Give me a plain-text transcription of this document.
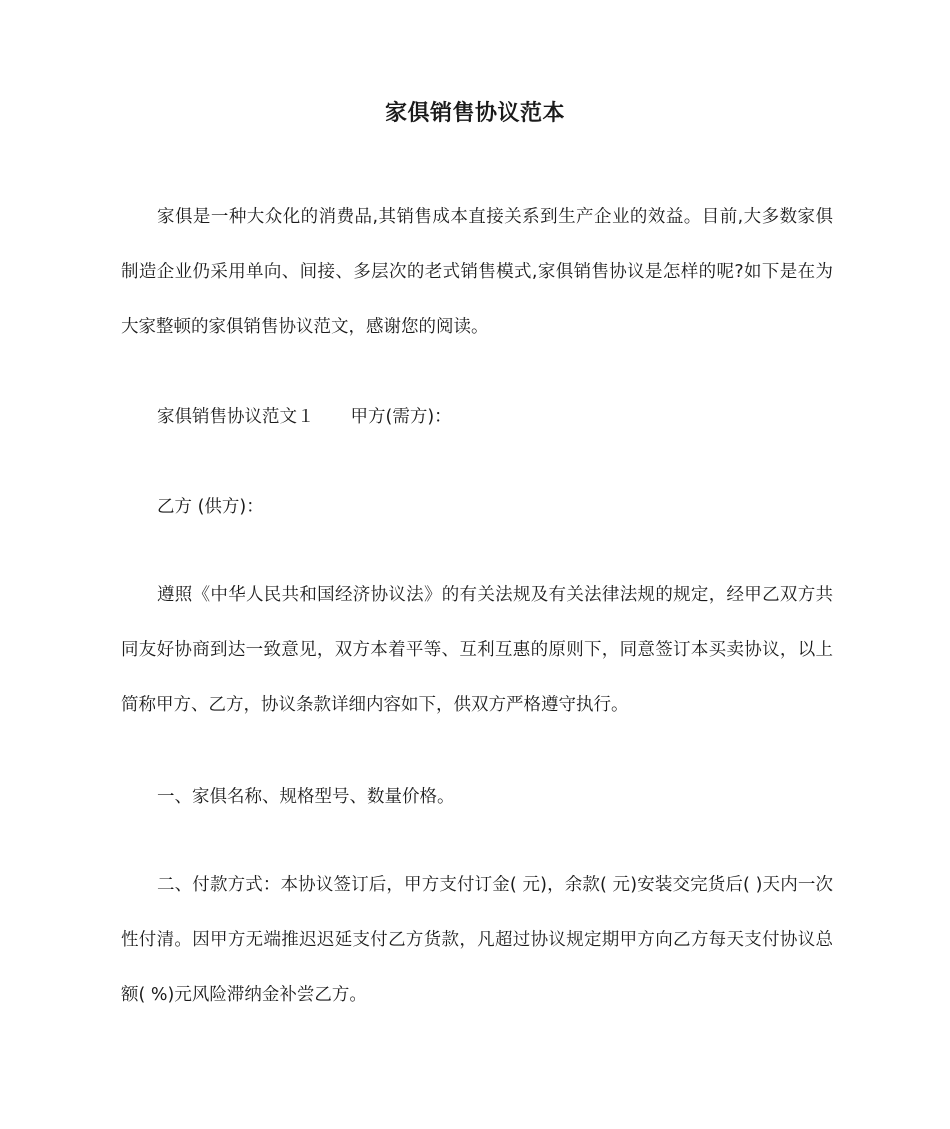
家俱销售协议范本

家俱是一种大众化的消费品,其销售成本直接关系到生产企业的效益。目前,大多数家俱制造企业仍采用单向、间接、多层次的老式销售模式,家俱销售协议是怎样的呢?如下是在为大家整顿的家俱销售协议范文，感谢您的阅读。

家俱销售协议范文１ 甲方(需方)：

乙方 (供方)：

遵照《中华人民共和国经济协议法》的有关法规及有关法律法规的规定，经甲乙双方共同友好协商到达一致意见，双方本着平等、互利互惠的原则下，同意签订本买卖协议，以上简称甲方、乙方，协议条款详细内容如下，供双方严格遵守执行。

一、家俱名称、规格型号、数量价格。

二、付款方式：本协议签订后，甲方支付订金( 元)，余款( 元)安装交完货后( )天内一次性付清。因甲方无端推迟迟延支付乙方货款，凡超过协议规定期甲方向乙方每天支付协议总额( %)元风险滞纳金补尝乙方。
